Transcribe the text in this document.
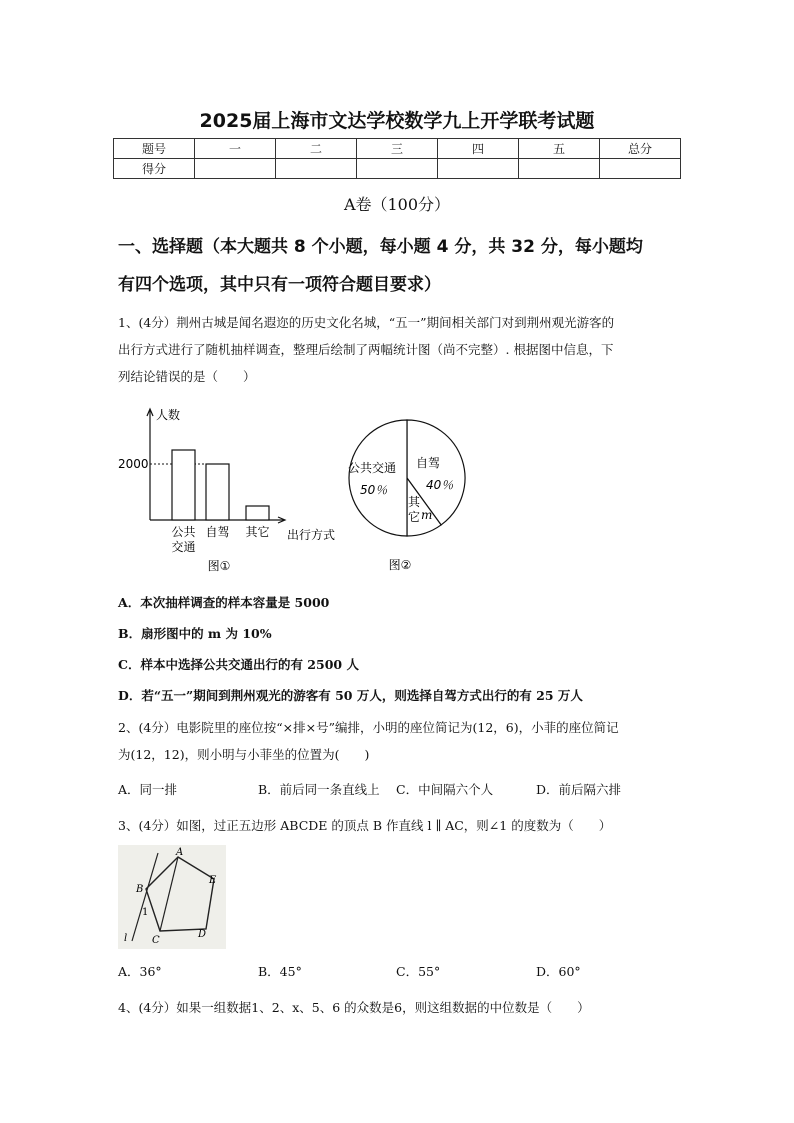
2025届上海市文达学校数学九上开学联考试题
题号	一	二	三	四	五	总分
得分						
A卷（100分）
一、选择题（本大题共 8 个小题，每小题 4 分，共 32 分，每小题均
有四个选项，其中只有一项符合题目要求）
1、(4分）荆州古城是闻名遐迩的历史文化名城，“五一”期间相关部门对到荆州观光游客的
出行方式进行了随机抽样调查，整理后绘制了两幅统计图（尚不完整）. 根据图中信息，下
列结论错误的是（　　）
人数
出行方式
2000
公共
交通
自驾 其它
图①
公共交通
50％
自驾
40％
其
它 m
图②
A．本次抽样调查的样本容量是 5000
B．扇形图中的 m 为 10%
C．样本中选择公共交通出行的有 2500 人
D．若“五一”期间到荆州观光的游客有 50 万人，则选择自驾方式出行的有 25 万人
2、(4分）电影院里的座位按“×排×号”编排，小明的座位简记为(12，6)，小菲的座位简记
为(12，12)，则小明与小菲坐的位置为(　　)
A．同一排	B．前后同一条直线上 C．中间隔六个人	D．前后隔六排
3、(4分）如图，过正五边形 ABCDE 的顶点 B 作直线 l ∥ AC，则∠1 的度数为（　　）
A
B
C
D
E
1
l
A．36°	B．45°	C．55°	D．60°
4、(4分）如果一组数据1、2、x、5、6 的众数是6，则这组数据的中位数是（　　）
